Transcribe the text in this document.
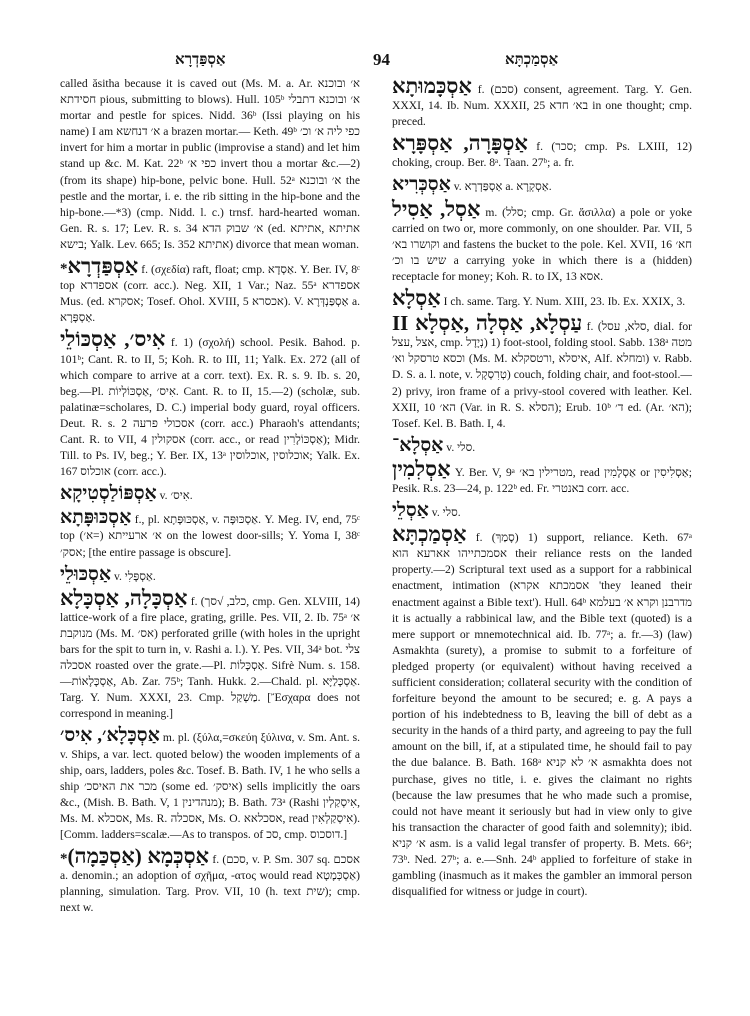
אַסְפַּדְרָא	94	אַסְמַכְתָּא

called ăsitha because it is caved out (Ms. M. a. Ar. א׳ ובוכנא חסידתא pious, submitting to blows). Hull. 105ᵇ א׳ ובוכנא דתבלי mortar and pestle for spices. Nidd. 36ᵇ (Issi playing on his name) I am א׳ דנחשא a brazen mortar.— Keth. 49ᵇ כפי ליה א׳ וכ׳ invert for him a mortar in public (improvise a stand) and let him stand up &c. M. Kat. 22ᵇ כפי א׳ invert thou a mortar &c.—2) (from its shape) hip-bone, pelvic bone. Hull. 52ᵃ א׳ ובוכנא the pestle and the mortar, i. e. the rib sitting in the hip-bone and the hip-bone.—*3) (cmp. Nidd. l. c.) trnsf. hard-hearted woman. Gen. R. s. 17; Lev. R. s. 34 א׳ שבוק הדא (ed. אתיתא ,אתיתא בישא; Yalk. Lev. 665; Is. 352 אתיתא) divorce that mean woman.

*אַסְפַּדְרָא f. (σχεδία) raft, float; cmp. אַסְדָא. Y. Ber. IV, 8ᶜ top אספדרא (corr. acc.). Neg. XII, 1 Var.; Naz. 55ᵃ אספדרא Mus. (ed. אסקרא; Tosef. Ohol. XVIII, 5 אכסרא). V. אַסְפַּנְדְּרָא a. אַסְפָּרָא.

אִיס׳, אַסְכּוֹלֵי f. 1) (σχολή) school. Pesik. Bahod. p. 101ᵇ; Cant. R. to II, 5; Koh. R. to III, 11; Yalk. Ex. 272 (all of which compare to arrive at a corr. text). Ex. R. s. 9. Ib. s. 20, beg.—Pl. אִיס׳ ,אַסְכּוֹלְיוֹת. Cant. R. to II, 15.—2) (scholæ, sub. palatinæ=scholares, D. C.) imperial body guard, royal officers. Deut. R. s. 2 אסכולי פרעה (corr. acc.) Pharaoh's attendants; Cant. R. to VII, 4 אסקולין (corr. acc., or read אַסְכּוֹלָרִין); Midr. Till. to Ps. IV, beg.; Y. Ber. IX, 13ᵃ אוכלוסין ,אוכלוסין; Yalk. Ex. 167 אוכלוס (corr. acc.).

אַסְפּוֹלַסְטִיקָא v. אִיס׳.

אַסְכּוּפָּתָא f., pl. אַסְכּוּפָּתָא, v. אַסְכּוּפָּה. Y. Meg. IV, end, 75ᶜ top א׳ ארעייתא (=א׳) on the lowest door-sills; Y. Yoma I, 38ᶜ אסק׳; [the entire passage is obscure].

אַסְכּוּלֵי v. אַסְפָּלִי.

אַסְכָּלָה, אַסְכָּלָא f. (כלב, √סך, cmp. Gen. XLVIII, 14) lattice-work of a fire place, grating, grille. Pes. VII, 2. Ib. 75ᵃ א׳ מנוקבת (Ms. M. אס׳) perforated grille (with holes in the upright bars for the spit to turn in, v. Rashi a. l.). Y. Pes. VII, 34ᵃ bot. צלי אסכלה roasted over the grate.—Pl. אַסְכָּלוֹת. Sifrè Num. s. 158.—אַסְכָּלָאוֹת, Ab. Zar. 75ᵇ; Tanh. Hukk. 2.—Chald. pl. אַסְכָּלַיָּא. Targ. Y. Num. XXXI, 23. Cmp. מַשְׁקַל. [Ἔσχαρα does not correspond in meaning.]

אַסְכָּלָא׳, אִיס׳ m. pl. (ξύλα,=σκεύη ξύλινα, v. Sm. Ant. s. v. Ships, a var. lect. quoted below) the wooden implements of a ship, oars, ladders, poles &c. Tosef. B. Bath. IV, 1 he who sells a ship מכר את האיסכ׳ (some ed. איסק׳) sells implicitly the oars &c., (Mish. B. Bath. V, 1 מנהדינין); B. Bath. 73ᵃ (Rashi אִיסְקַלְין, Ms. M. אסכלא, Ms. R. אסכלה, Ms. O. אסכלאא, read אִיסְקַלְאִין). [Comm. ladders=scalæ.—As to transpos. of סכ, cmp. דוסכוס.]

*אַסְכְּמָא (אַסְכַּמָה) f. (סכם, v. P. Sm. 307 sq. אסכם a. denomin.; an adoption of σχῆμα, -ατος would read אַסְכְּמָטָא) planning, simulation. Targ. Prov. VII, 10 (h. text שית); cmp. next w.

אַסְכָּמוּתָא f. (סכם) consent, agreement. Targ. Y. Gen. XXXI, 14. Ib. Num. XXXII, 25 בא׳ חדא in one thought; cmp. preced.

אַסְפָּרָה, אַסְפָּרָא f. (סכר; cmp. Ps. LXIII, 12) choking, croup. Ber. 8ᵃ. Taan. 27ᵇ; a. fr.

אַסְכְּרִיא v. אַסְפַּדְרָא a. אַסְקְרָא.

אַסְל, אַסִיל m. (סלל; cmp. Gr. ἄσιλλα) a pole or yoke carried on two or, more commonly, on one shoulder. Par. VII, 5 וקושרו בא׳ and fastens the bucket to the pole. Kel. XVII, 16 חא׳ שיש בו וכ׳ a carrying yoke in which there is a (hidden) receptacle for money; Koh. R. to IX, 13 אסא.

אַסְלָא I ch. same. Targ. Y. Num. XIII, 23. Ib. Ex. XXIX, 3.

עַסְלָא, אַסְלָה ,אַסְלָא II f. (סלא, עסל, dial. for אצל ,עצל, cmp. נְיָדָל) 1) foot-stool, folding stool. Sabb. 138ᵃ מטה וכסא טרסקל וא׳ (Ms. M. איסלא ,ורטסקלא, Alf. ומחלא) v. Rabb. D. S. a. l. note, v. טְרִסְקָל) couch, folding chair, and foot-stool.—2) privy, iron frame of a privy-stool covered with leather. Kel. XXII, 10 הא׳ (Var. in R. S. הסלא); Erub. 10ᵇ ד׳ ed. (Ar. הא׳); Tosef. Kel. B. Bath. I, 4.

אַסְלָא־ v. סלי.

אַסְלִמִין Y. Ber. V, 9ᵃ מטרילין בא׳, read אַסְלָמִין or אַסְלִיסִין; Pesik. R.s. 23—24, p. 122ᵇ ed. Fr. באנטרי corr. acc.

אַסְלֵי v. סלי.

אַסְמַכְתָּא f. (סָמַךְ) 1) support, reliance. Keth. 67ᵃ אסמכתייהו אארעא הוא their reliance rests on the landed property.—2) Scriptural text used as a support for a rabbinical enactment, intimation (אסמכתא אקרא 'they leaned their enactment against a Bible text'). Hull. 64ᵇ מדרבנן וקרא א׳ בעלמא it is actually a rabbinical law, and the Bible text (quoted) is a mere support or mnemotechnical aid. Ib. 77ᵃ; a. fr.—3) (law) Asmakhta (surety), a promise to submit to a forfeiture of pledged property (or equivalent) without having received a sufficient consideration; collateral security with the condition of forfeiture beyond the amount to be secured; e. g. A pays a portion of his indebtedness to B, leaving the bill of debt as a security in the hands of a third party, and agreeing to pay the full amount on the bill, if, at a stipulated time, he should fail to pay the due balance. B. Bath. 168ᵃ א׳ לא קניא asmakhta does not purchase, gives no title, i. e. gives the claimant no rights (because the law presumes that he who made such a promise, could not have meant it seriously but had in view only to give his transaction the character of good faith and solemnity); ibid. א׳ קניא asm. is a valid legal transfer of property. B. Mets. 66ᵃ; 73ᵇ. Ned. 27ᵇ; a. e.—Snh. 24ᵇ applied to forfeiture of stake in gambling (inasmuch as it makes the gambler an immoral person disqualified for witness or judge in court).
